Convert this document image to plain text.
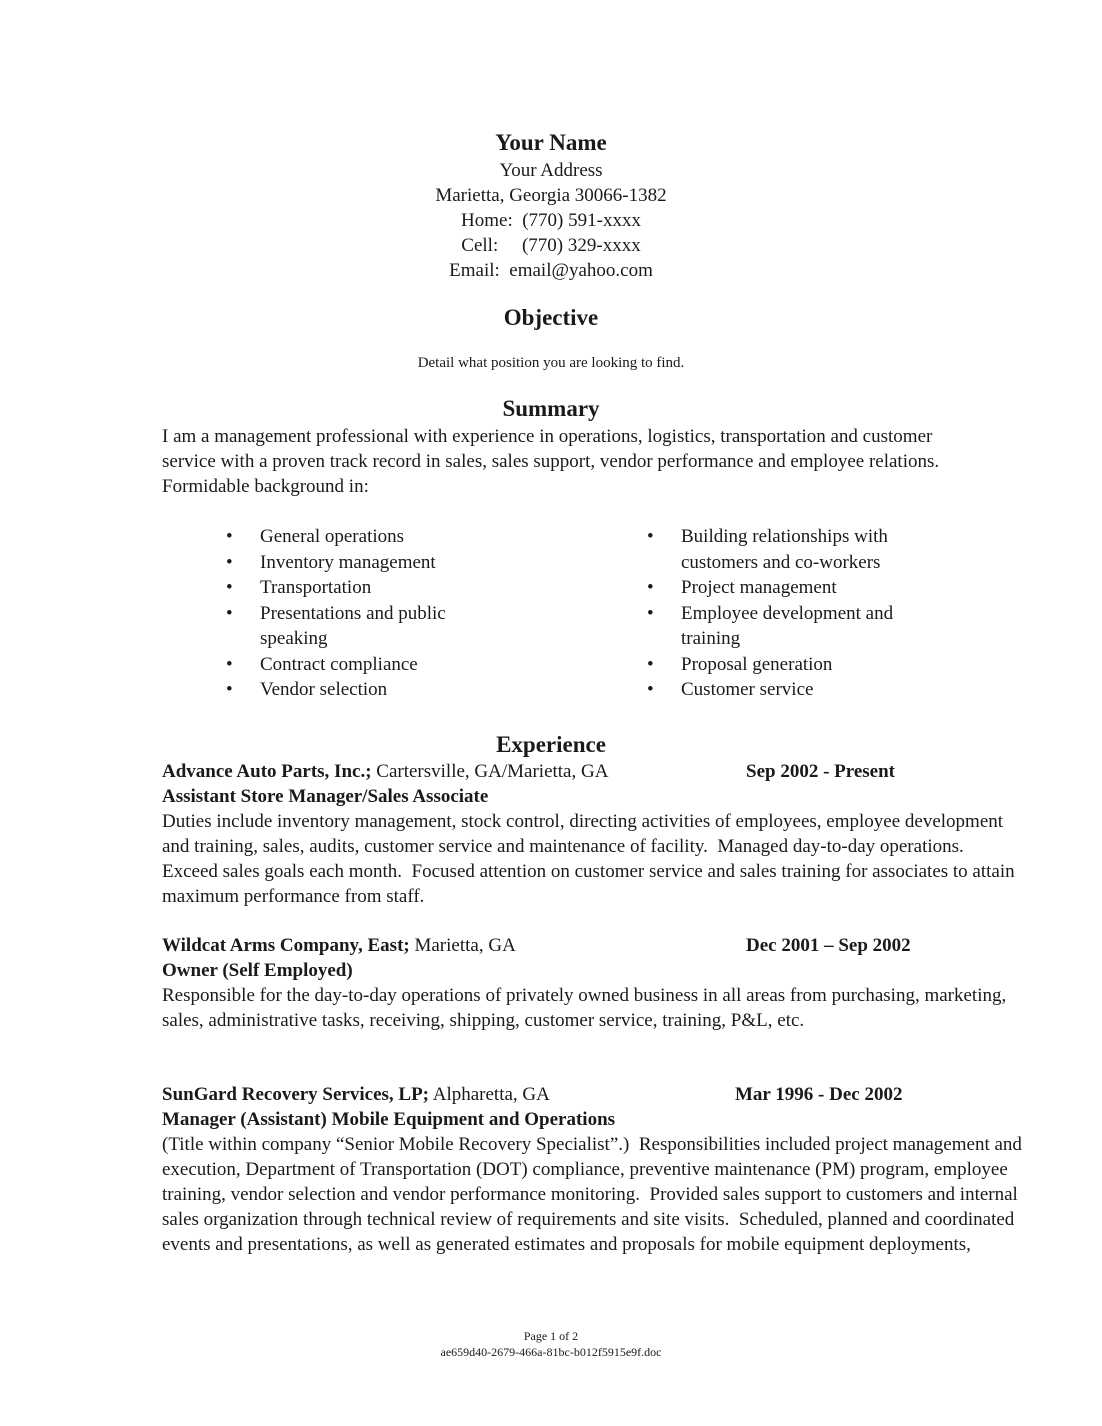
Your Name
Your Address
Marietta, Georgia 30066-1382
Home:  (770) 591-xxxx
Cell:     (770) 329-xxxx
Email:  email@yahoo.com
Objective
Detail what position you are looking to find.
Summary
I am a management professional with experience in operations, logistics, transportation and customer service with a proven track record in sales, sales support, vendor performance and employee relations.  Formidable background in:
•	General operations
•	Inventory management
•	Transportation
•	Presentations and public speaking
•	Contract compliance
•	Vendor selection
•	Building relationships with customers and co-workers
•	Project management
•	Employee development and training
•	Proposal generation
•	Customer service
Experience
Advance Auto Parts, Inc.; Cartersville, GA/Marietta, GA	Sep 2002 - Present
Assistant Store Manager/Sales Associate
Duties include inventory management, stock control, directing activities of employees, employee development and training, sales, audits, customer service and maintenance of facility.  Managed day-to-day operations.  Exceed sales goals each month.  Focused attention on customer service and sales training for associates to attain maximum performance from staff.
Wildcat Arms Company, East; Marietta, GA	Dec 2001 – Sep 2002
Owner (Self Employed)
Responsible for the day-to-day operations of privately owned business in all areas from purchasing, marketing, sales, administrative tasks, receiving, shipping, customer service, training, P&L, etc.
SunGard Recovery Services, LP; Alpharetta, GA	Mar 1996 - Dec 2002
Manager (Assistant) Mobile Equipment and Operations
(Title within company “Senior Mobile Recovery Specialist”.)  Responsibilities included project management and execution, Department of Transportation (DOT) compliance, preventive maintenance (PM) program, employee training, vendor selection and vendor performance monitoring.  Provided sales support to customers and internal sales organization through technical review of requirements and site visits.  Scheduled, planned and coordinated events and presentations, as well as generated estimates and proposals for mobile equipment deployments,
Page 1 of 2
ae659d40-2679-466a-81bc-b012f5915e9f.doc
